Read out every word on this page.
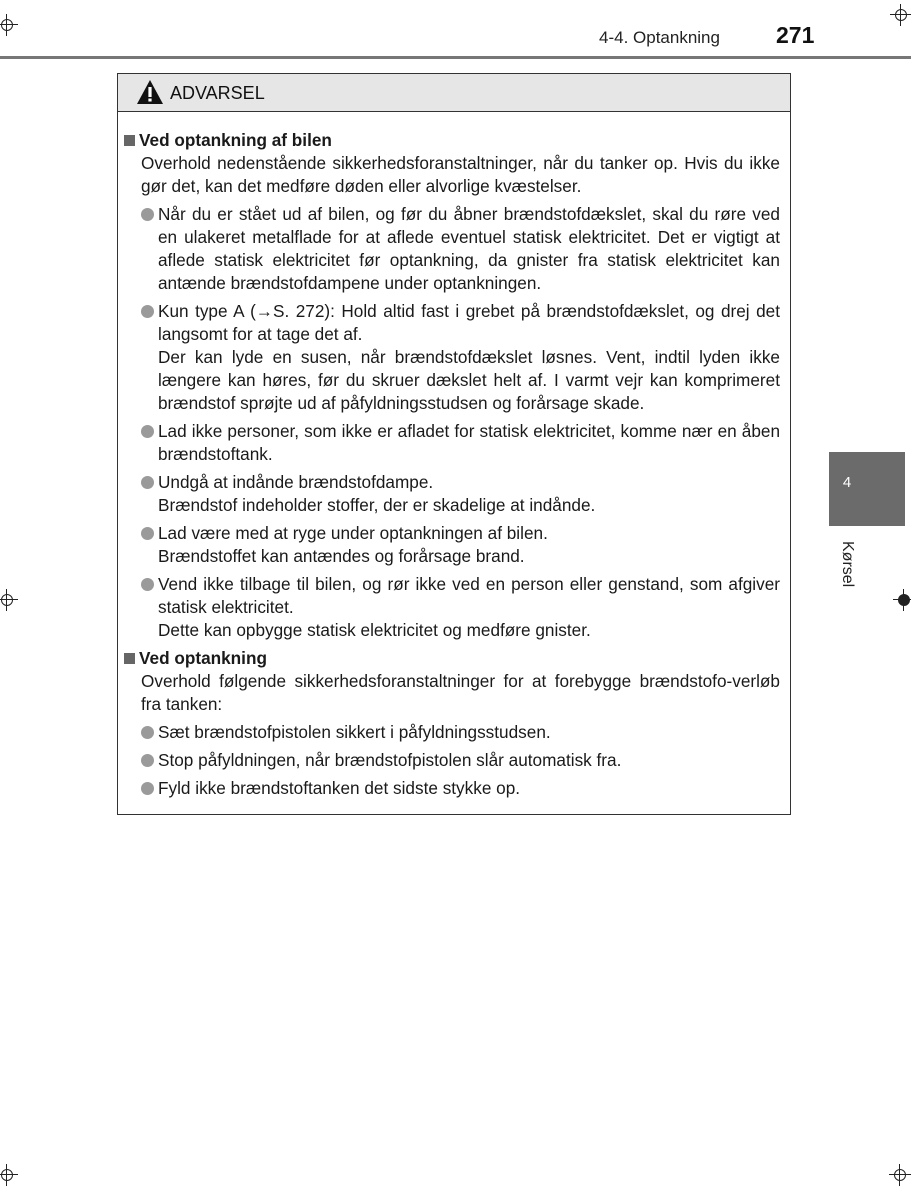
4-4. Optankning 271
4
Kørsel
ADVARSEL

Ved optankning af bilen

Overhold nedenstående sikkerhedsforanstaltninger, når du tanker op. Hvis du ikke gør det, kan det medføre døden eller alvorlige kvæstelser.

Når du er stået ud af bilen, og før du åbner brændstofdækslet, skal du røre ved en ulakeret metalflade for at aflede eventuel statisk elektricitet. Det er vigtigt at aflede statisk elektricitet før optankning, da gnister fra statisk elektricitet kan antænde brændstofdampene under optankningen.

Kun type A (→S. 272): Hold altid fast i grebet på brændstofdækslet, og drej det langsomt for at tage det af.

Der kan lyde en susen, når brændstofdækslet løsnes. Vent, indtil lyden ikke længere kan høres, før du skruer dækslet helt af. I varmt vejr kan komprimeret brændstof sprøjte ud af påfyldningsstudsen og forårsage skade.

Lad ikke personer, som ikke er afladet for statisk elektricitet, komme nær en åben brændstoftank.

Undgå at indånde brændstofdampe.

Brændstof indeholder stoffer, der er skadelige at indånde.

Lad være med at ryge under optankningen af bilen.

Brændstoffet kan antændes og forårsage brand.

Vend ikke tilbage til bilen, og rør ikke ved en person eller genstand, som afgiver statisk elektricitet.

Dette kan opbygge statisk elektricitet og medføre gnister.

Ved optankning

Overhold følgende sikkerhedsforanstaltninger for at forebygge brændstofo-verløb fra tanken:

Sæt brændstofpistolen sikkert i påfyldningsstudsen.

Stop påfyldningen, når brændstofpistolen slår automatisk fra.

Fyld ikke brændstoftanken det sidste stykke op.
